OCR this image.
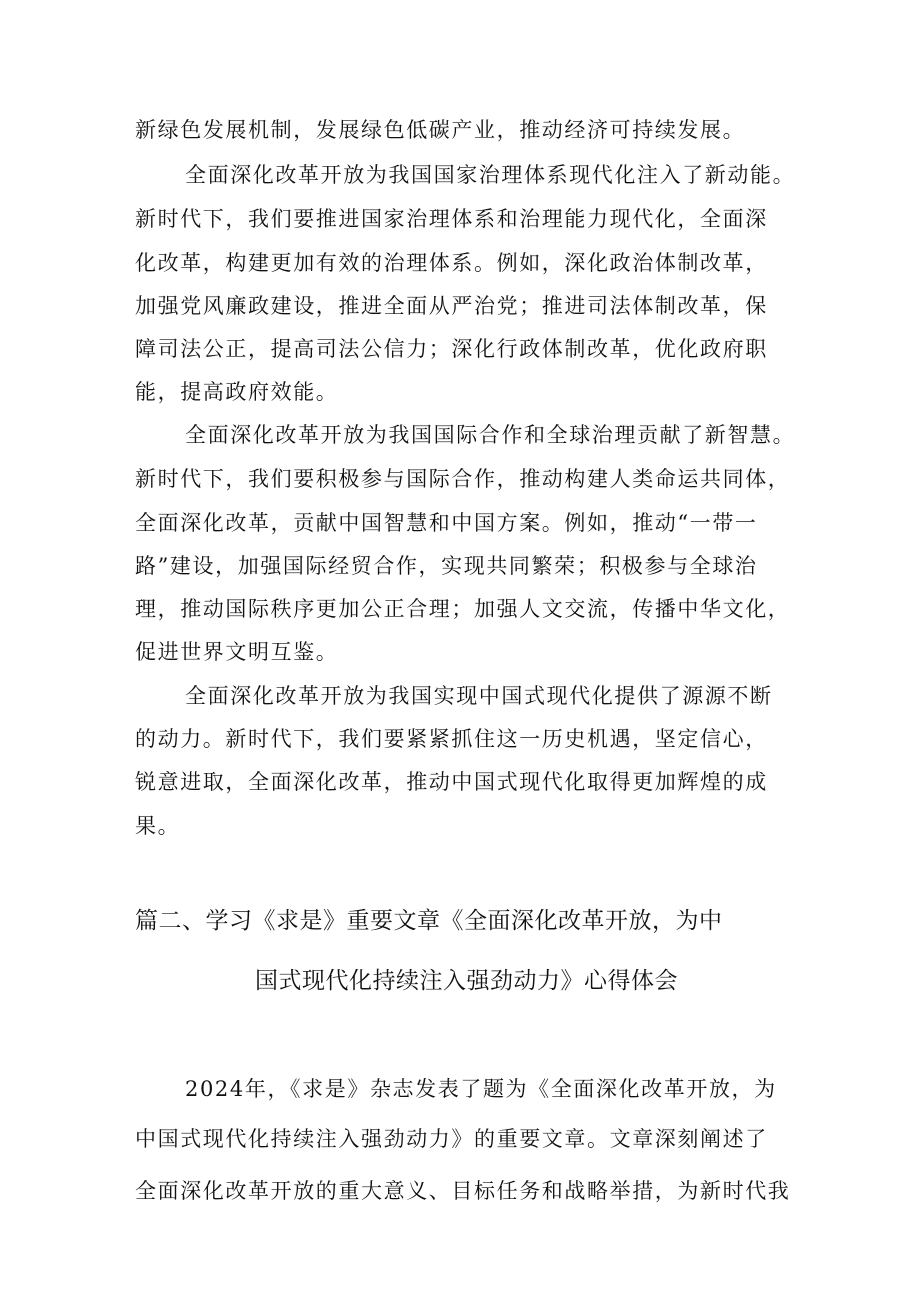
新绿色发展机制，发展绿色低碳产业，推动经济可持续发展。
全面深化改革开放为我国国家治理体系现代化注入了新动能。
新时代下，我们要推进国家治理体系和治理能力现代化，全面深
化改革，构建更加有效的治理体系。例如，深化政治体制改革，
加强党风廉政建设，推进全面从严治党；推进司法体制改革，保
障司法公正，提高司法公信力；深化行政体制改革，优化政府职
能，提高政府效能。
全面深化改革开放为我国国际合作和全球治理贡献了新智慧。
新时代下，我们要积极参与国际合作，推动构建人类命运共同体，
全面深化改革，贡献中国智慧和中国方案。例如，推动“一带一
路”建设，加强国际经贸合作，实现共同繁荣；积极参与全球治
理，推动国际秩序更加公正合理；加强人文交流，传播中华文化，
促进世界文明互鉴。
全面深化改革开放为我国实现中国式现代化提供了源源不断
的动力。新时代下，我们要紧紧抓住这一历史机遇，坚定信心，
锐意进取，全面深化改革，推动中国式现代化取得更加辉煌的成
果。
篇二、学习《求是》重要文章《全面深化改革开放，为中
国式现代化持续注入强劲动力》心得体会
2024年，《求是》杂志发表了题为《全面深化改革开放，为
中国式现代化持续注入强劲动力》的重要文章。文章深刻阐述了
全面深化改革开放的重大意义、目标任务和战略举措，为新时代我
